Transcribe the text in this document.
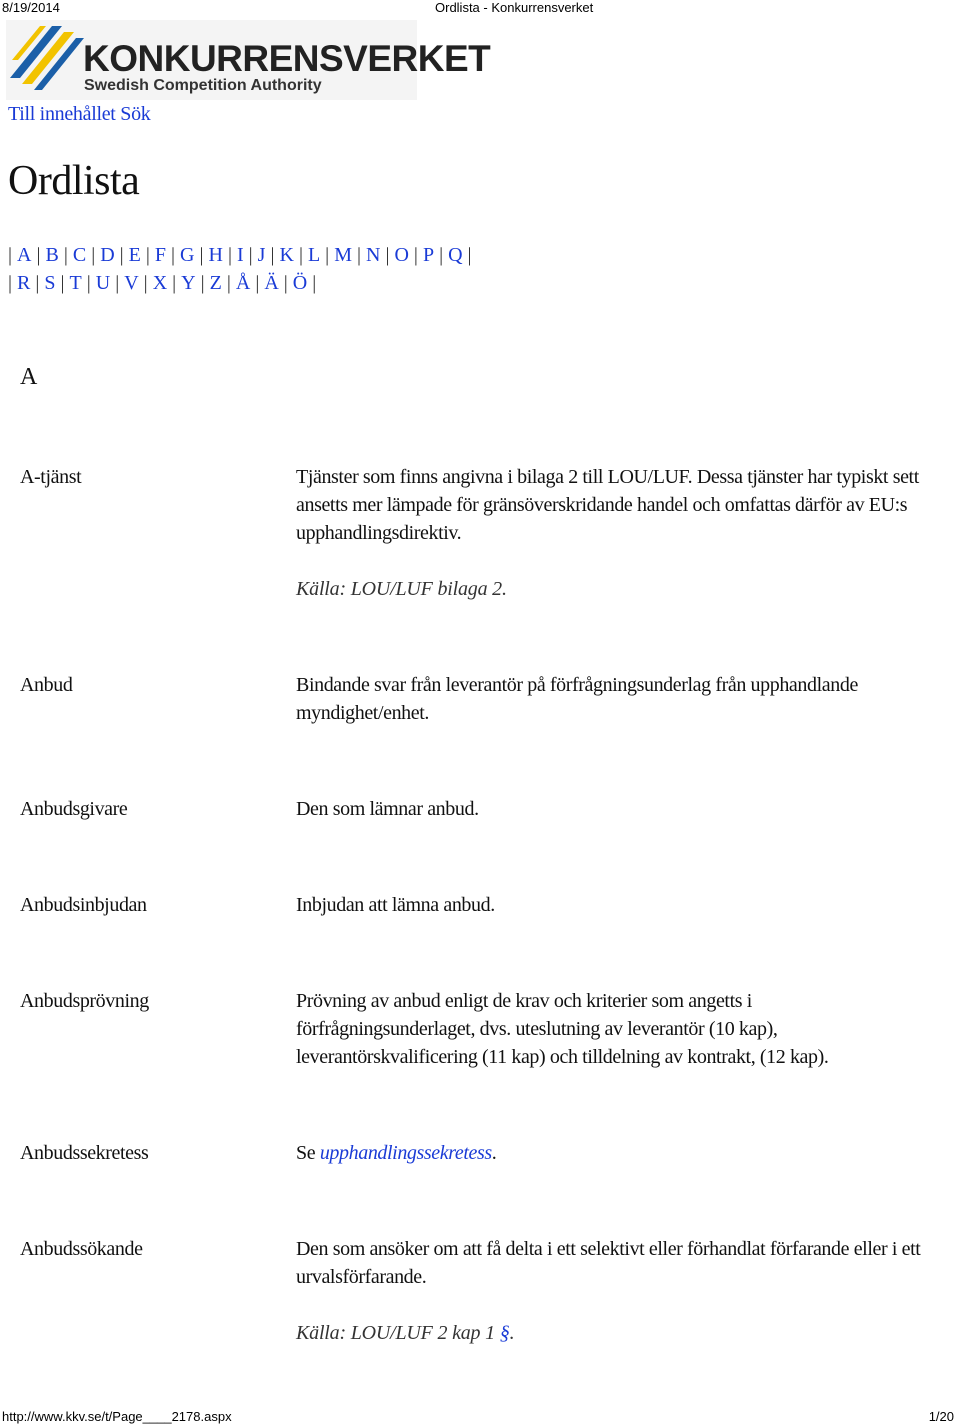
8/19/2014	Ordlista - Konkurrensverket
KONKURRENSVERKET
Swedish Competition Authority
Till innehållet Sök
Ordlista
| A | B | C | D | E | F | G | H | I | J | K | L | M | N | O | P | Q |
| R | S | T | U | V | X | Y | Z | Å | Ä | Ö |
A
A-tjänst	Tjänster som finns angivna i bilaga 2 till LOU/LUF. Dessa tjänster har typiskt sett ansetts mer lämpade för gränsöverskridande handel och omfattas därför av EU:s upphandlingsdirektiv.
Källa: LOU/LUF bilaga 2.
Anbud	Bindande svar från leverantör på förfrågningsunderlag från upphandlande myndighet/enhet.
Anbudsgivare	Den som lämnar anbud.
Anbudsinbjudan	Inbjudan att lämna anbud.
Anbudsprövning	Prövning av anbud enligt de krav och kriterier som angetts i förfrågningsunderlaget, dvs. uteslutning av leverantör (10 kap), leverantörskvalificering (11 kap) och tilldelning av kontrakt, (12 kap).
Anbudssekretess	Se upphandlingssekretess.
Anbudssökande	Den som ansöker om att få delta i ett selektivt eller förhandlat förfarande eller i ett urvalsförfarande.
Källa: LOU/LUF 2 kap 1 §.
http://www.kkv.se/t/Page____2178.aspx	1/20
